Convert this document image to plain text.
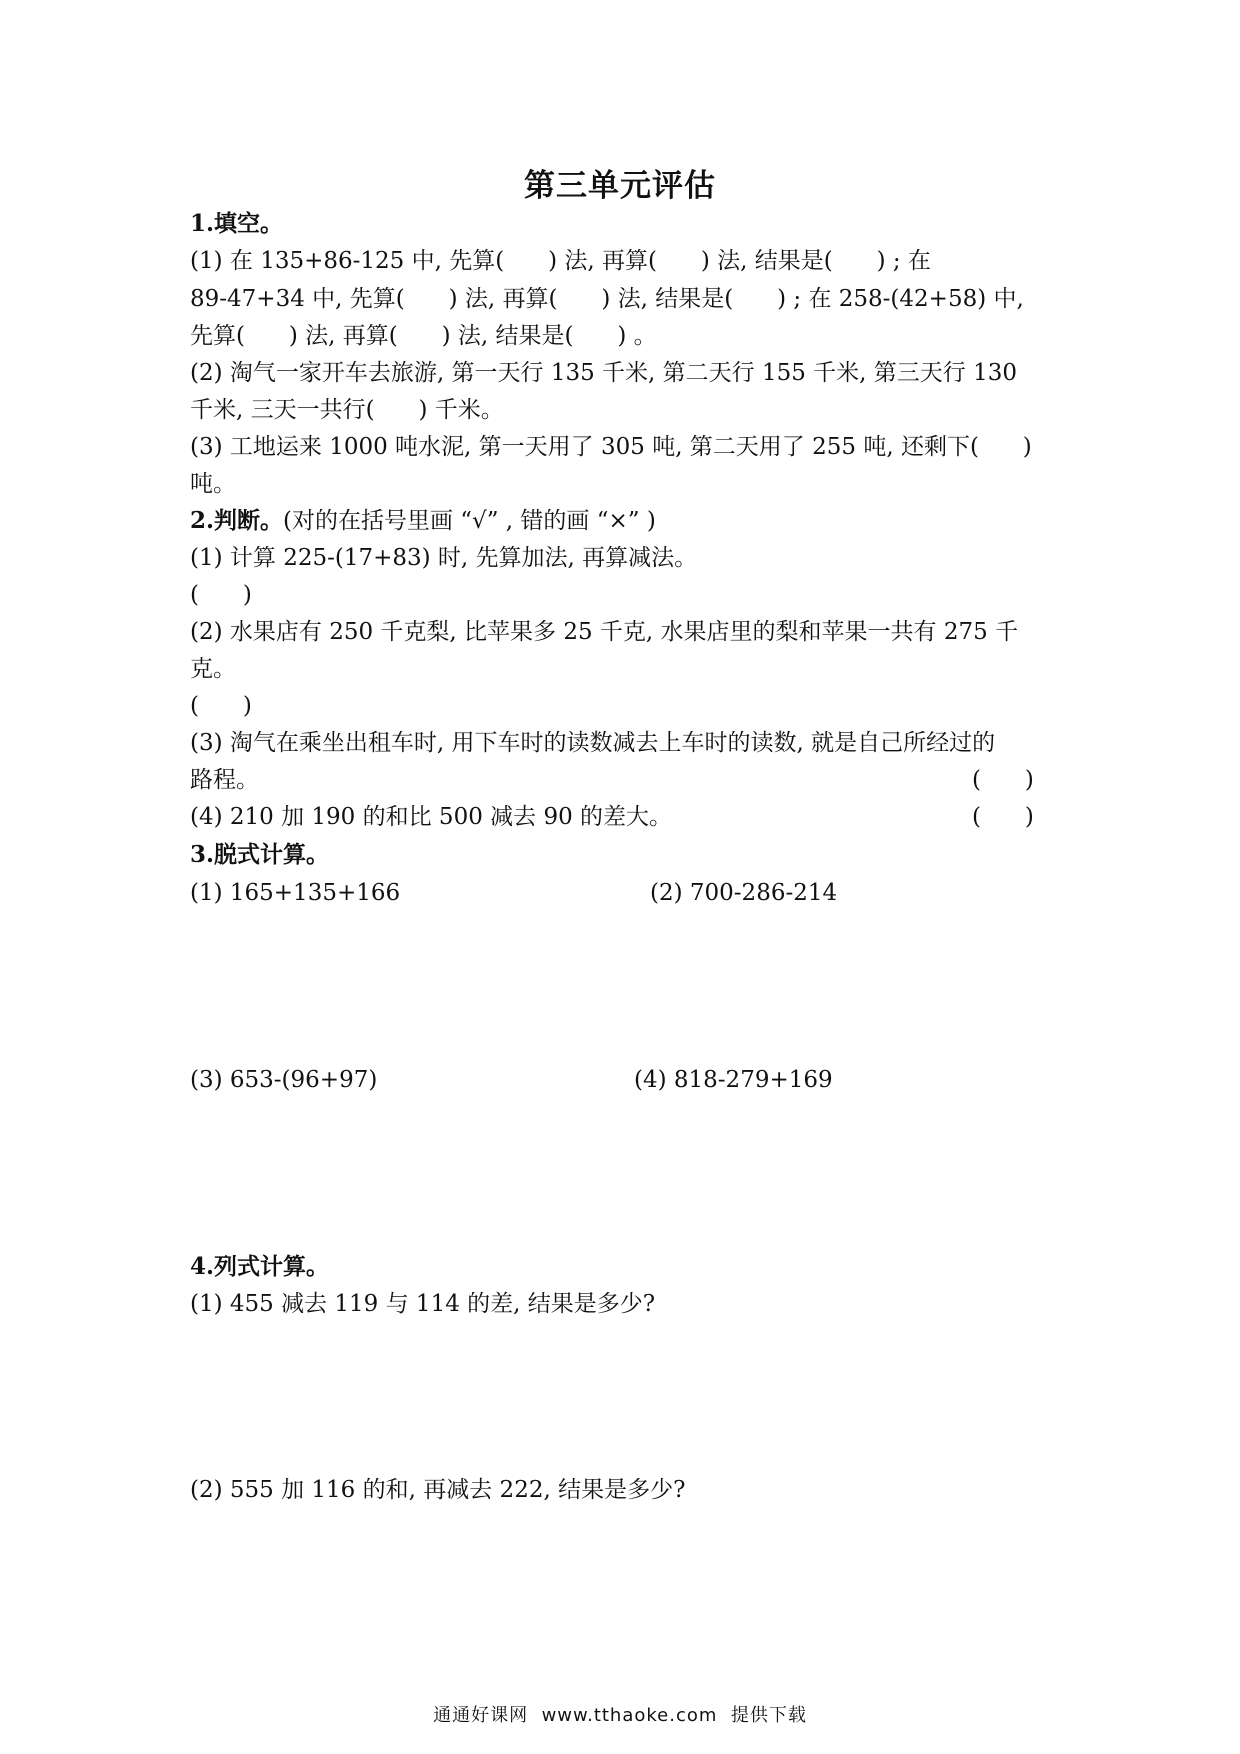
第三单元评估
1.填空。
(1) 在 135+86-125 中, 先算(      ) 法, 再算(      ) 法, 结果是(      ) ; 在
89-47+34 中, 先算(      ) 法, 再算(      ) 法, 结果是(      ) ; 在 258-(42+58) 中,
先算(      ) 法, 再算(      ) 法, 结果是(      ) 。
(2) 淘气一家开车去旅游, 第一天行 135 千米, 第二天行 155 千米, 第三天行 130
千米, 三天一共行(      ) 千米。
(3) 工地运来 1000 吨水泥, 第一天用了 305 吨, 第二天用了 255 吨, 还剩下(      )
吨。
2.判断。(对的在括号里画 “√” , 错的画 “×” )
(1) 计算 225-(17+83) 时, 先算加法, 再算减法。
(      )
(2) 水果店有 250 千克梨, 比苹果多 25 千克, 水果店里的梨和苹果一共有 275 千
克。
(      )
(3) 淘气在乘坐出租车时, 用下车时的读数减去上车时的读数, 就是自己所经过的
路程。	(      )
(4) 210 加 190 的和比 500 减去 90 的差大。	(      )
3.脱式计算。
(1) 165+135+166	(2) 700-286-214
(3) 653-(96+97)	(4) 818-279+169
4.列式计算。
(1) 455 减去 119 与 114 的差, 结果是多少?
(2) 555 加 116 的和, 再减去 222, 结果是多少?
通通好课网  www.tthaoke.com  提供下载
